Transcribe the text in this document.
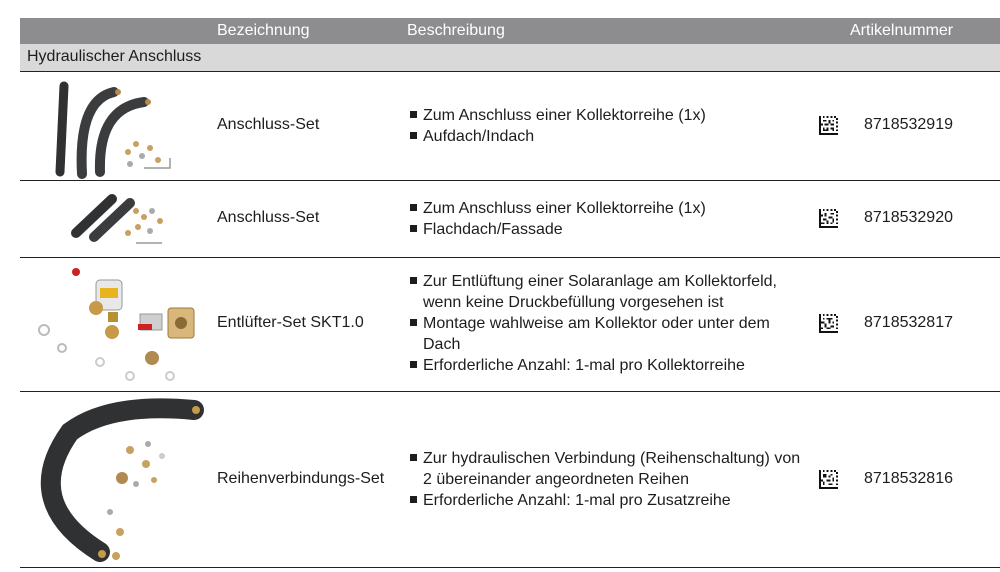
Bezeichnung	Beschreibung	Artikelnummer
Hydraulischer Anschluss
Anschluss-Set
Zum Anschluss einer Kollektorreihe (1x)
Aufdach/Indach
8718532919
Anschluss-Set
Zum Anschluss einer Kollektorreihe (1x)
Flachdach/Fassade
8718532920
Entlüfter-Set SKT1.0
Zur Entlüftung einer Solaranlage am Kollektorfeld, wenn keine Druckbefüllung vorgesehen ist
Montage wahlweise am Kollektor oder unter dem Dach
Erforderliche Anzahl: 1-mal pro Kollektorreihe
8718532817
Reihenverbindungs-Set
Zur hydraulischen Verbindung (Reihenschaltung) von 2 übereinander angeordneten Reihen
Erforderliche Anzahl: 1-mal pro Zusatzreihe
8718532816
